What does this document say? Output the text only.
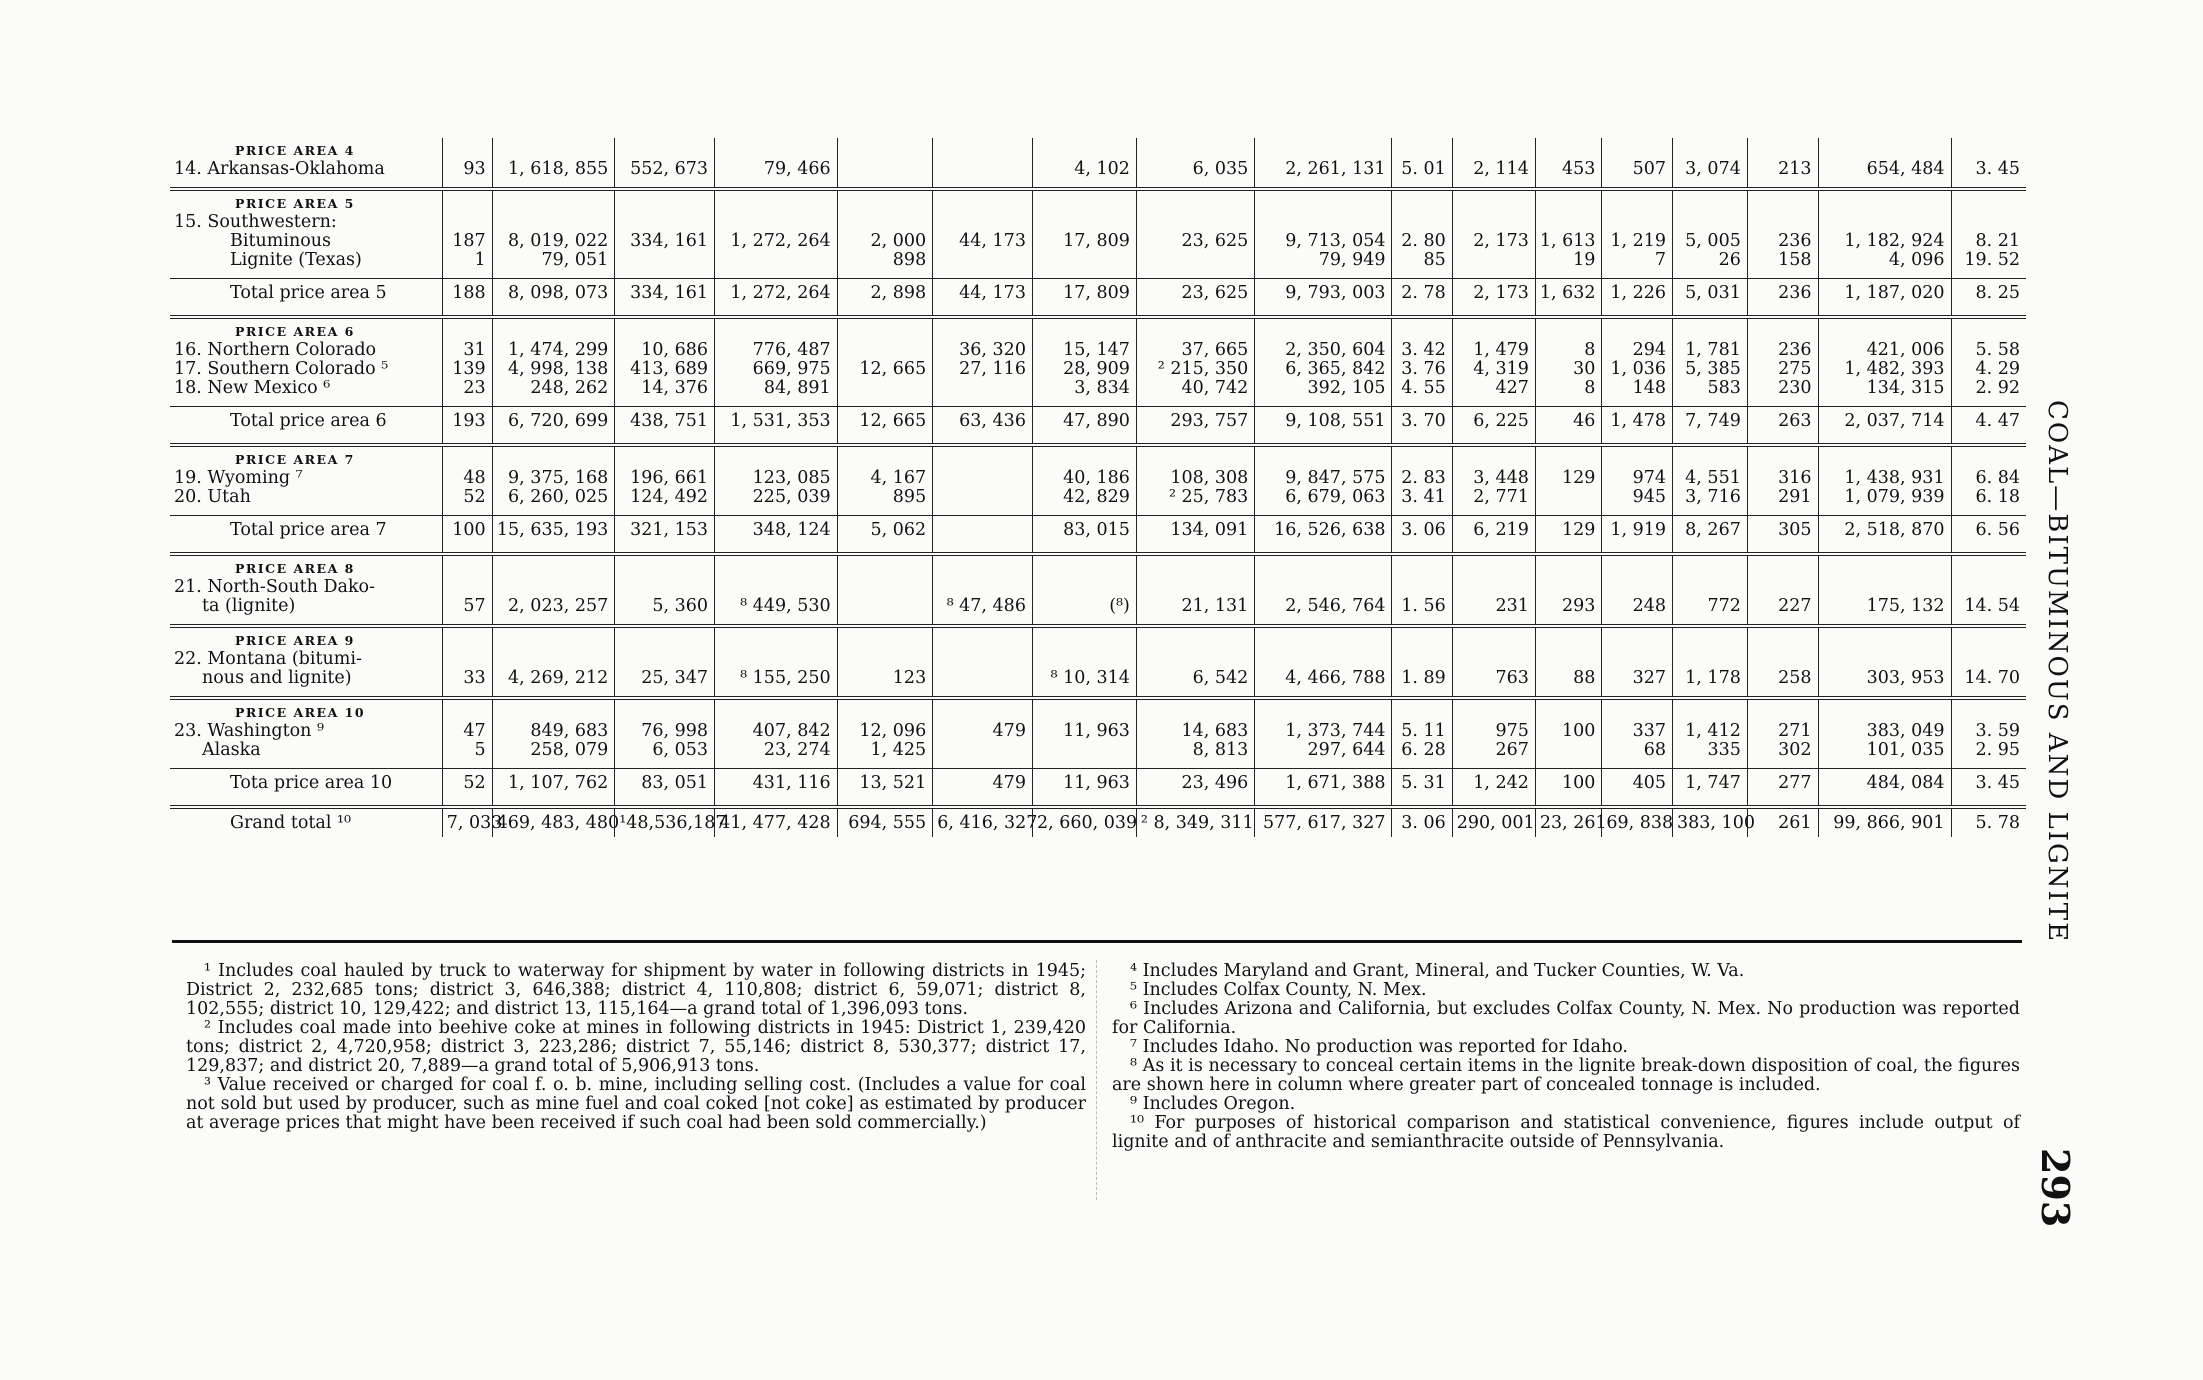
PRICE AREA 4																	
14. Arkansas-Oklahoma	93	1, 618, 855	552, 673	79, 466			4, 102	6, 035	2, 261, 131	5. 01	2, 114	453	507	3, 074	213	654, 484	3. 45

PRICE AREA 5																	
15. Southwestern:																	
Bituminous	187	8, 019, 022	334, 161	1, 272, 264	2, 000	44, 173	17, 809	23, 625	9, 713, 054	2. 80	2, 173	1, 613	1, 219	5, 005	236	1, 182, 924	8. 21
Lignite (Texas)	1	79, 051			898				79, 949	85		19	7	26	158	4, 096	19. 52

Total price area 5	188	8, 098, 073	334, 161	1, 272, 264	2, 898	44, 173	17, 809	23, 625	9, 793, 003	2. 78	2, 173	1, 632	1, 226	5, 031	236	1, 187, 020	8. 25

PRICE AREA 6																	
16. Northern Colorado	31	1, 474, 299	10, 686	776, 487		36, 320	15, 147	37, 665	2, 350, 604	3. 42	1, 479	8	294	1, 781	236	421, 006	5. 58
17. Southern Colorado ⁵	139	4, 998, 138	413, 689	669, 975	12, 665	27, 116	28, 909	² 215, 350	6, 365, 842	3. 76	4, 319	30	1, 036	5, 385	275	1, 482, 393	4. 29
18. New Mexico ⁶	23	248, 262	14, 376	84, 891			3, 834	40, 742	392, 105	4. 55	427	8	148	583	230	134, 315	2. 92

Total price area 6	193	6, 720, 699	438, 751	1, 531, 353	12, 665	63, 436	47, 890	293, 757	9, 108, 551	3. 70	6, 225	46	1, 478	7, 749	263	2, 037, 714	4. 47

PRICE AREA 7																	
19. Wyoming ⁷	48	9, 375, 168	196, 661	123, 085	4, 167		40, 186	108, 308	9, 847, 575	2. 83	3, 448	129	974	4, 551	316	1, 438, 931	6. 84
20. Utah	52	6, 260, 025	124, 492	225, 039	895		42, 829	² 25, 783	6, 679, 063	3. 41	2, 771		945	3, 716	291	1, 079, 939	6. 18

Total price area 7	100	15, 635, 193	321, 153	348, 124	5, 062		83, 015	134, 091	16, 526, 638	3. 06	6, 219	129	1, 919	8, 267	305	2, 518, 870	6. 56

PRICE AREA 8																	
21. North-South Dako-																	
ta (lignite)	57	2, 023, 257	5, 360	⁸ 449, 530		⁸ 47, 486	(⁸)	21, 131	2, 546, 764	1. 56	231	293	248	772	227	175, 132	14. 54

PRICE AREA 9																	
22. Montana (bitumi-																	
nous and lignite)	33	4, 269, 212	25, 347	⁸ 155, 250	123		⁸ 10, 314	6, 542	4, 466, 788	1. 89	763	88	327	1, 178	258	303, 953	14. 70

PRICE AREA 10																	
23. Washington ⁹	47	849, 683	76, 998	407, 842	12, 096	479	11, 963	14, 683	1, 373, 744	5. 11	975	100	337	1, 412	271	383, 049	3. 59
Alaska	5	258, 079	6, 053	23, 274	1, 425			8, 813	297, 644	6. 28	267		68	335	302	101, 035	2. 95

Tota price area 10	52	1, 107, 762	83, 051	431, 116	13, 521	479	11, 963	23, 496	1, 671, 388	5. 31	1, 242	100	405	1, 747	277	484, 084	3. 45

Grand total ¹⁰	7, 033	469, 483, 480	¹48,536,187	41, 477, 428	694, 555	6, 416, 327	2, 660, 039	² 8, 349, 311	577, 617, 327	3. 06	290, 001	23, 261	69, 838	383, 100	261	99, 866, 901	5. 78

¹ Includes coal hauled by truck to waterway for shipment by water in following districts in 1945; District 2, 232,685 tons; district 3, 646,388; district 4, 110,808; district 6, 59,071; district 8, 102,555; district 10, 129,422; and district 13, 115,164—a grand total of 1,396,093 tons.

² Includes coal made into beehive coke at mines in following districts in 1945: District 1, 239,420 tons; district 2, 4,720,958; district 3, 223,286; district 7, 55,146; district 8, 530,377; district 17, 129,837; and district 20, 7,889—a grand total of 5,906,913 tons.

³ Value received or charged for coal f. o. b. mine, including selling cost. (Includes a value for coal not sold but used by producer, such as mine fuel and coal coked [not coke] as estimated by producer at average prices that might have been received if such coal had been sold commercially.)

⁴ Includes Maryland and Grant, Mineral, and Tucker Counties, W. Va.

⁵ Includes Colfax County, N. Mex.

⁶ Includes Arizona and California, but excludes Colfax County, N. Mex. No production was reported for California.

⁷ Includes Idaho. No production was reported for Idaho.

⁸ As it is necessary to conceal certain items in the lignite break-down disposition of coal, the figures are shown here in column where greater part of concealed tonnage is included.

⁹ Includes Oregon.

¹⁰ For purposes of historical comparison and statistical convenience, figures include output of lignite and of anthracite and semianthracite outside of Pennsylvania.

COAL—BITUMINOUS AND LIGNITE
293
